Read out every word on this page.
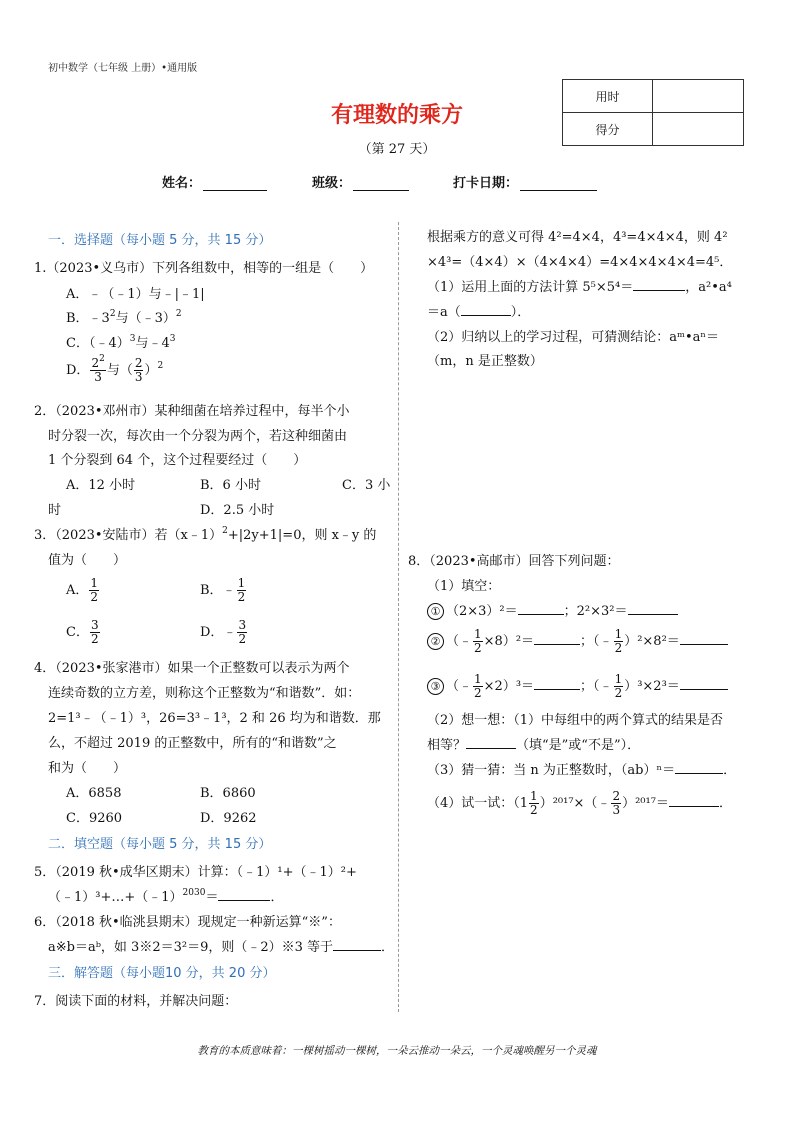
初中数学（七年级 上册）•通用版
有理数的乘方
（第 27 天）
用时	
得分	
姓名：	班级：	打卡日期：
一．选择题（每小题 5 分，共 15 分）
1.（2023•义乌市）下列各组数中，相等的一组是（　　）
A．﹣（﹣1）与﹣|﹣1|
B．$﹣3^2$与（﹣3）$^2$
C．（﹣4）$^3$与$﹣4^3$
D． $\frac{2^2}{3}$ 与（ $\frac{2}{3} )^2$
2．（2023•邓州市）某种细菌在培养过程中，每半个小
时分裂一次，每次由一个分裂为两个，若这种细菌由
1 个分裂到 64 个，这个过程要经过（　　）
A．12 小时	B．6 小时	C．3 小
时	D．2.5 小时
3．（2023•安陆市）若（x﹣1）$^2$+|2y+1|=0，则 x﹣y 的
值为（　　）
A． $\frac{1}{2}$	B．﹣ $\frac{1}{2}$
C． $\frac{3}{2}$	D．﹣ $\frac{3}{2}$
4．（2023•张家港市）如果一个正整数可以表示为两个
连续奇数的立方差，则称这个正整数为“和谐数”．如：
2=1³﹣（﹣1）³，26=3³﹣1³，2 和 26 均为和谐数．那
么，不超过 2019 的正整数中，所有的“和谐数”之
和为（　　）
A．6858	B．6860
C．9260	D．9262
二．填空题（每小题 5 分，共 15 分）
5．（2019 秋•成华区期末）计算：（﹣1）¹+（﹣1）²+
（﹣1）³+…+（﹣1）$^{2030}$＝	．
6．（2018 秋•临洮县期末）现规定一种新运算“※”：
a※b＝aᵇ，如 3※2＝3²＝9，则（﹣2）※3 等于	．
三．解答题（每小题10 分，共 20 分）
7．阅读下面的材料，并解决问题：
根据乘方的意义可得 4²=4×4，4³=4×4×4，则 4²
×4³=（4×4）×（4×4×4）=4×4×4×4×4=4⁵．
（1）运用上面的方法计算 5⁵×5⁴＝	，a²•a⁴
＝a（	）．
（2）归纳以上的学习过程，可猜测结论：aᵐ•aⁿ＝
（m，n 是正整数）
8．（2023•高邮市）回答下列问题：
（1）填空：
① （2×3）²＝	；2²×3²＝
② （﹣ $\frac{1}{2} \times 8)^2=$	；（﹣ $\frac{1}{2} )^2\times 8^2=$
③ （﹣ $\frac{1}{2} \times 2)^3=$	；（﹣ $\frac{1}{2} )^3\times 2^3=$
（2）想一想：（1）中每组中的两个算式的结果是否
相等？	（填“是”或“不是”）．
（3）猜一猜：当 n 为正整数时，（ab）ⁿ＝	．
（4）试一试：（$1 \frac{1}{2}$ ）²⁰¹⁷×（﹣ $\frac{2}{3} )^{2017}=$	．
教育的本质意味着：一棵树摇动一棵树，一朵云推动一朵云，一个灵魂唤醒另一个灵魂
